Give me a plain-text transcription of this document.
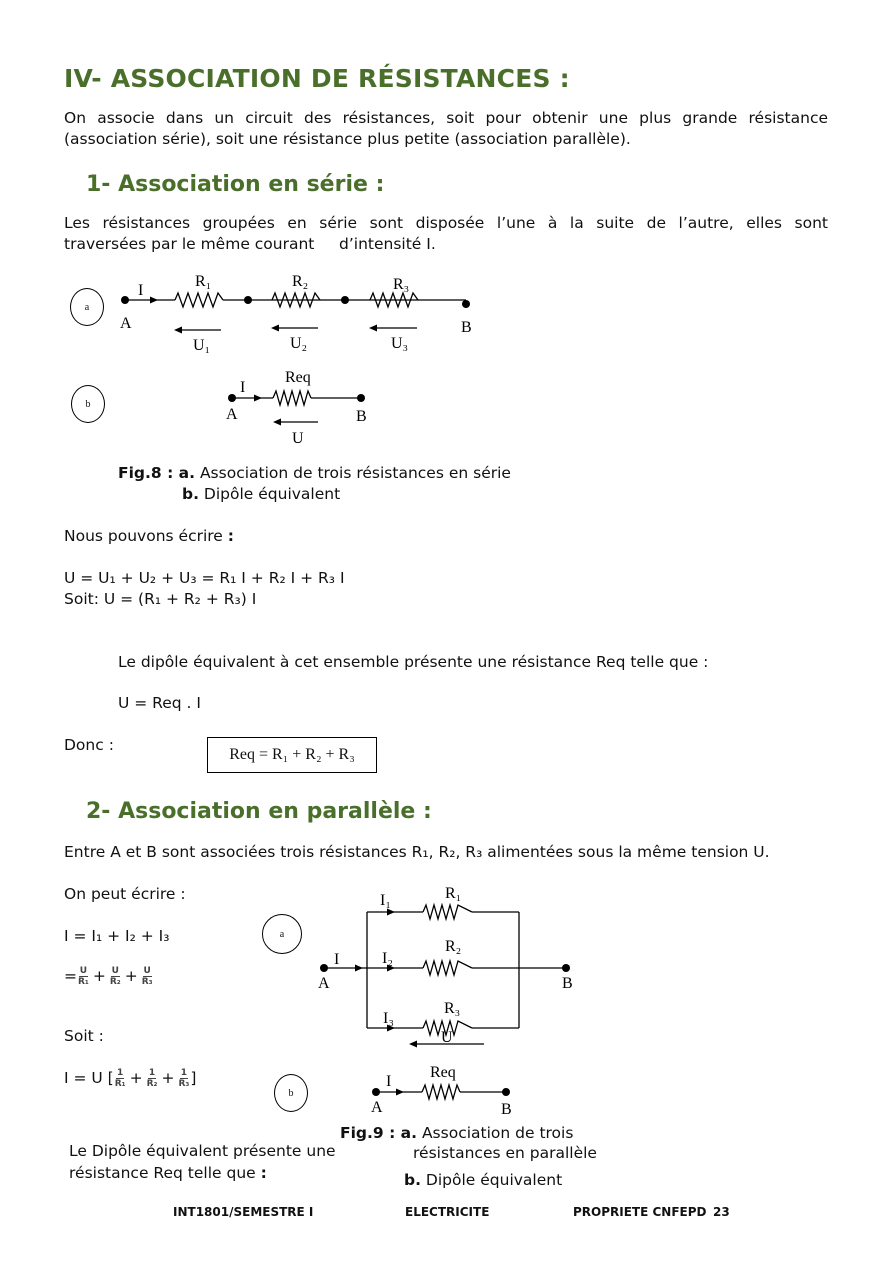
IV- ASSOCIATION DE RÉSISTANCES :
On associe dans un circuit des résistances, soit pour obtenir une plus grande résistance
(association série), soit une résistance plus petite (association parallèle).
1- Association en série :
Les résistances groupées en série sont disposée l’une à la suite de l’autre, elles sont
traversées par le même courant     d’intensité I.
a
I
A	B
R₁	R₂	R₃
U₁	U₂	U₃
b
I
Req
A	B
U
Fig.8 : a. Association de trois résistances en série
b. Dipôle équivalent
Nous pouvons écrire :
U = U₁ + U₂ + U₃ = R₁ I + R₂ I + R₃ I
Soit: U = (R₁ + R₂ + R₃) I
Le dipôle équivalent à cet ensemble présente une résistance Req telle que :
U = Req . I
Donc :
Req = R₁ + R₂ + R₃
2- Association en parallèle :
Entre A et B sont associées trois résistances R₁, R₂, R₃ alimentées sous la même tension U.
On peut écrire :
I = I₁ + I₂ + I₃
= $\frac{U}{\text{R₁}} + \frac{U}{\text{R₂}} + \frac{U}{\text{R₃}}$
Soit :
I = U [ $\frac{1}{\text{R₁}} + \frac{1}{\text{R₂}} + \frac{1}{\text{R₃}}$ ]
a
I
A	B
I₁
I₂
I₃
R₁
R₂
R₃
U
b
I
Req
A	B
Fig.9 : a. Association de trois
résistances en parallèle
b. Dipôle équivalent
Le Dipôle équivalent présente une
résistance Req telle que :
INT1801/SEMESTRE I	ELECTRICITE	PROPRIETE CNFEPD 23
